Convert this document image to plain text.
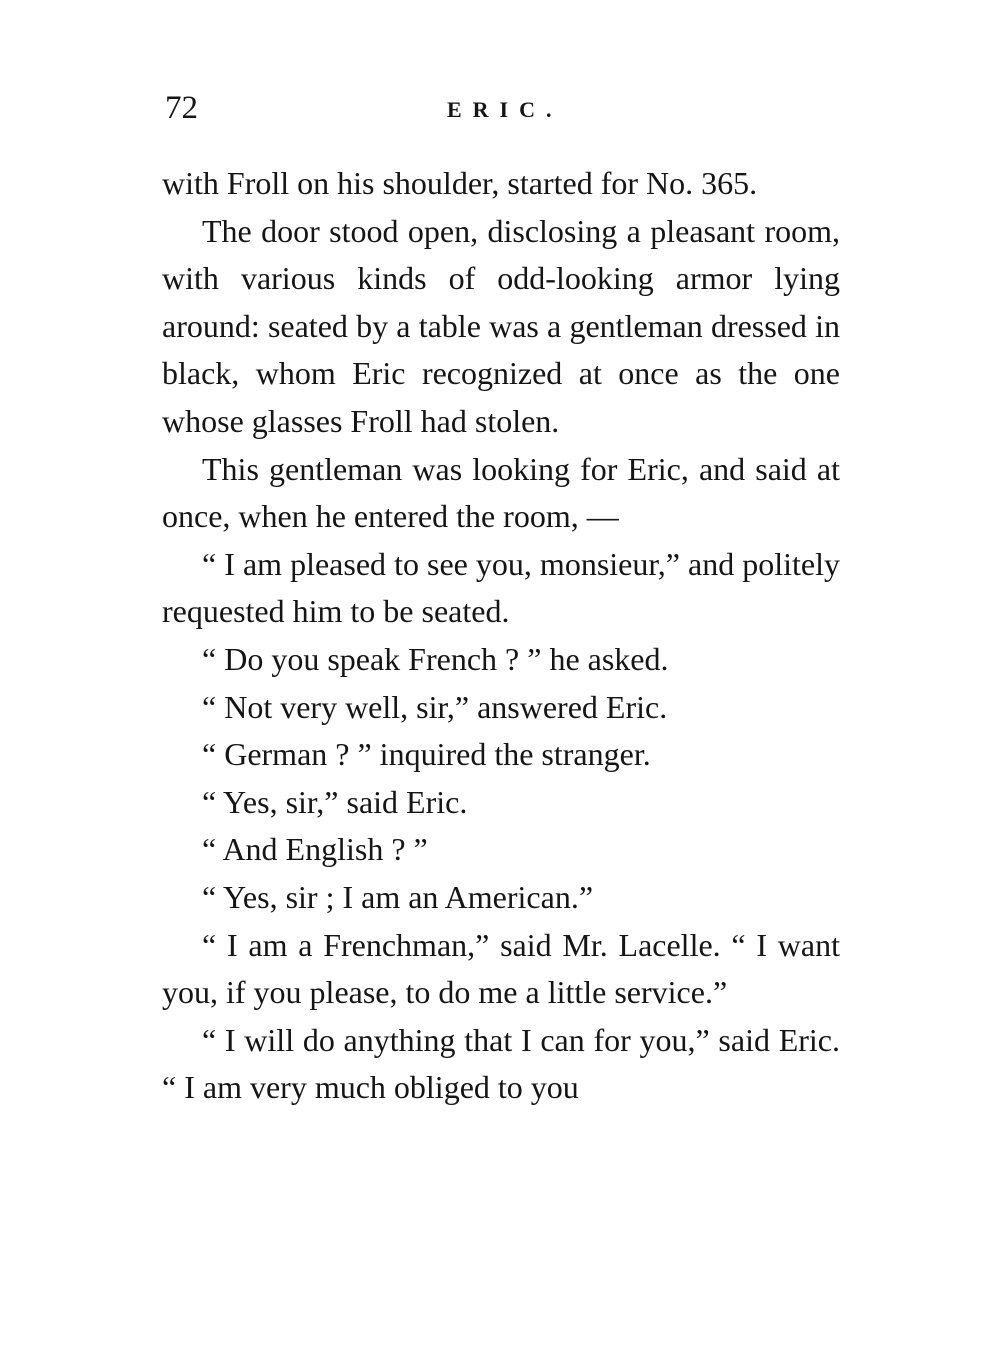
72	ERIC.

with Froll on his shoulder, started for No. 365.

The door stood open, disclosing a pleasant room, with various kinds of odd-looking armor lying around: seated by a table was a gentleman dressed in black, whom Eric recognized at once as the one whose glasses Froll had stolen.

This gentleman was looking for Eric, and said at once, when he entered the room, —

“ I am pleased to see you, monsieur,” and politely requested him to be seated.

“ Do you speak French ? ” he asked.

“ Not very well, sir,” answered Eric.

“ German ? ” inquired the stranger.

“ Yes, sir,” said Eric.

“ And English ? ”

“ Yes, sir ; I am an American.”

“ I am a Frenchman,” said Mr. Lacelle. “ I want you, if you please, to do me a little service.”

“ I will do anything that I can for you,” said Eric. “ I am very much obliged to you
